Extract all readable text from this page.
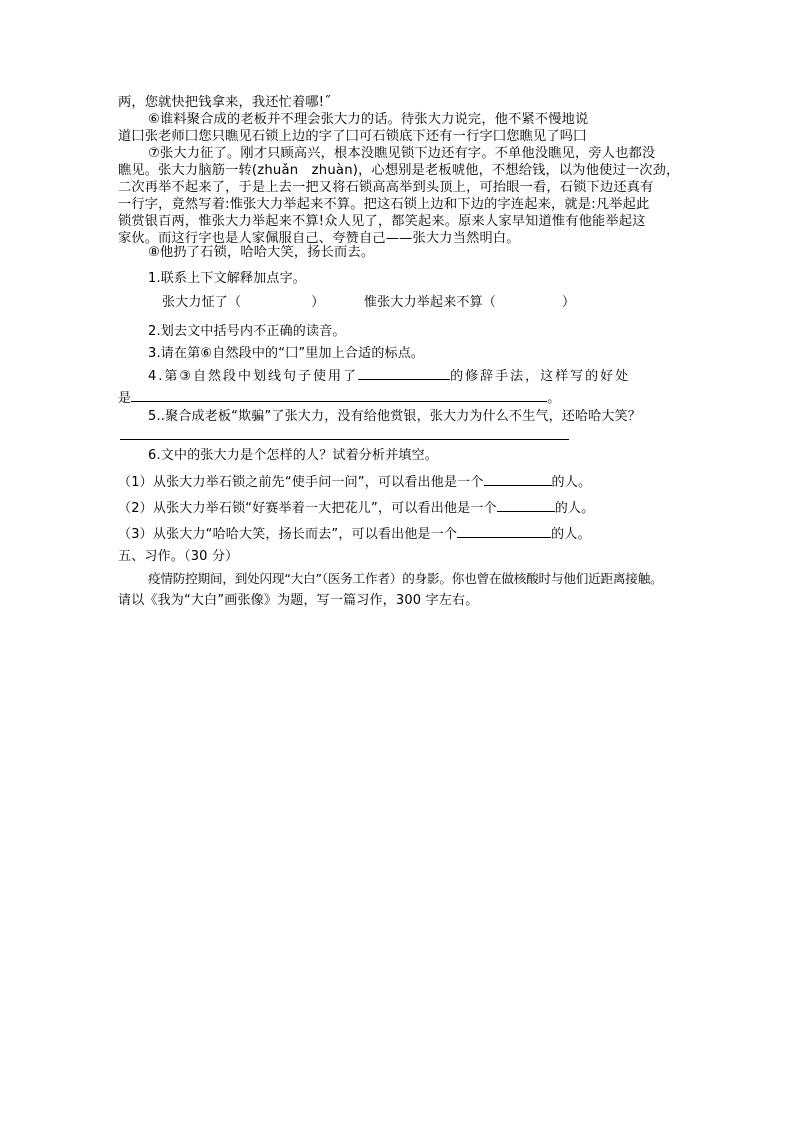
两，您就快把钱拿来，我还忙着哪!˝
⑥谁料聚合成的老板并不理会张大力的话。待张大力说完，他不紧不慢地说
道囗张老师囗您只瞧见石锁上边的字了囗可石锁底下还有一行字囗您瞧见了吗囗
⑦张大力征了。刚才只顾高兴，根本没瞧见锁下边还有字。不单他没瞧见，旁人也都没
瞧见。张大力脑筋一转(zhuǎn　zhuàn)，心想别是老板唬他，不想给钱，以为他使过一次劲，
二次再举不起来了，于是上去一把又将石锁高高举到头顶上，可抬眼一看，石锁下边还真有
一行字，竟然写着:惟张大力举起来不算。把这石锁上边和下边的字连起来，就是:凡举起此
锁赏银百两，惟张大力举起来不算!众人见了，都笑起来。原来人家早知道惟有他能举起这
家伙。而这行字也是人家佩服自己、夸赞自己——张大力当然明白。
⑧他扔了石锁，哈哈大笑，扬长而去。
1.联系上下文解释加点字。
张大力怔了（	）	惟张大力举起来不算（	）
2.划去文中括号内不正确的读音。
3.请在第⑥自然段中的“囗”里加上合适的标点。
4.第③自然段中划线句子使用了	的修辞手法，这样写的好处
是	。
5..聚合成老板“欺骗”了张大力，没有给他赏银，张大力为什么不生气，还哈哈大笑？
6.文中的张大力是个怎样的人？试着分析并填空。
（1）从张大力举石锁之前先“使手问一问”，可以看出他是一个	的人。
（2）从张大力举石锁“好赛举着一大把花儿”，可以看出他是一个	的人。
（3）从张大力“哈哈大笑，扬长而去”，可以看出他是一个	的人。
五、习作。（30 分）
疫情防控期间，到处闪现“大白”（医务工作者）的身影。你也曾在做核酸时与他们近距离接触。
请以《我为“大白”画张像》为题，写一篇习作，300 字左右。
